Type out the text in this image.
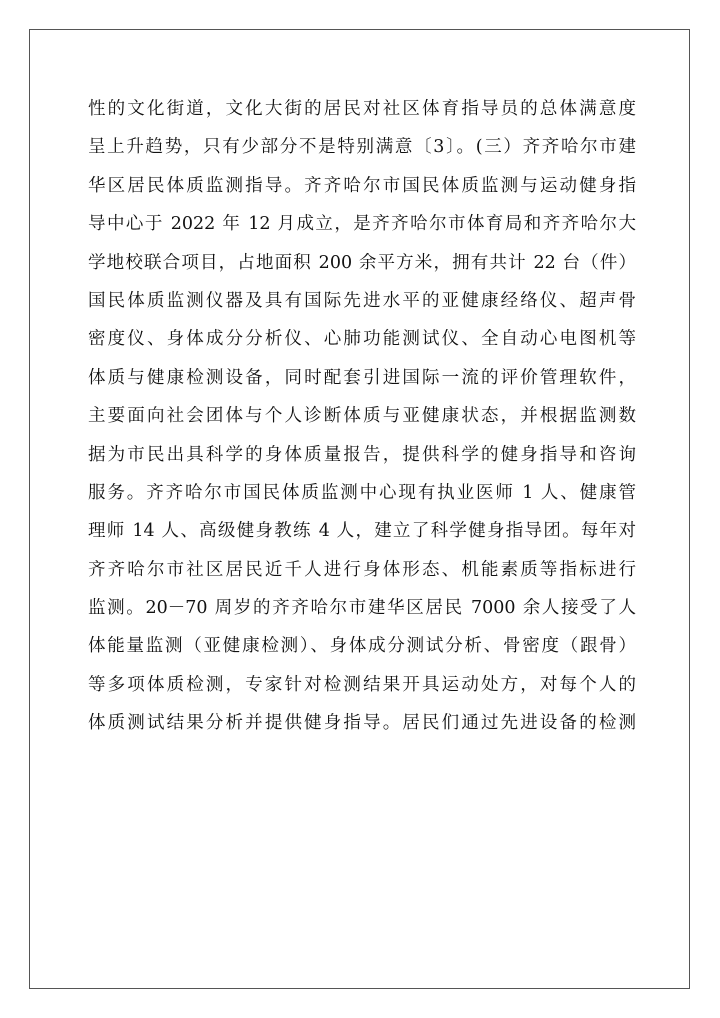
性的文化街道，文化大街的居民对社区体育指导员的总体满意度
呈上升趋势，只有少部分不是特别满意〔3〕。(三）齐齐哈尔市建
华区居民体质监测指导。齐齐哈尔市国民体质监测与运动健身指
导中心于 2022 年 12 月成立，是齐齐哈尔市体育局和齐齐哈尔大
学地校联合项目，占地面积 200 余平方米，拥有共计 22 台（件）
国民体质监测仪器及具有国际先进水平的亚健康经络仪、超声骨
密度仪、身体成分分析仪、心肺功能测试仪、全自动心电图机等
体质与健康检测设备，同时配套引进国际一流的评价管理软件，
主要面向社会团体与个人诊断体质与亚健康状态，并根据监测数
据为市民出具科学的身体质量报告，提供科学的健身指导和咨询
服务。齐齐哈尔市国民体质监测中心现有执业医师 1 人、健康管
理师 14 人、高级健身教练 4 人，建立了科学健身指导团。每年对
齐齐哈尔市社区居民近千人进行身体形态、机能素质等指标进行
监测。20－70 周岁的齐齐哈尔市建华区居民 7000 余人接受了人
体能量监测（亚健康检测）、身体成分测试分析、骨密度（跟骨）
等多项体质检测，专家针对检测结果开具运动处方，对每个人的
体质测试结果分析并提供健身指导。居民们通过先进设备的检测
